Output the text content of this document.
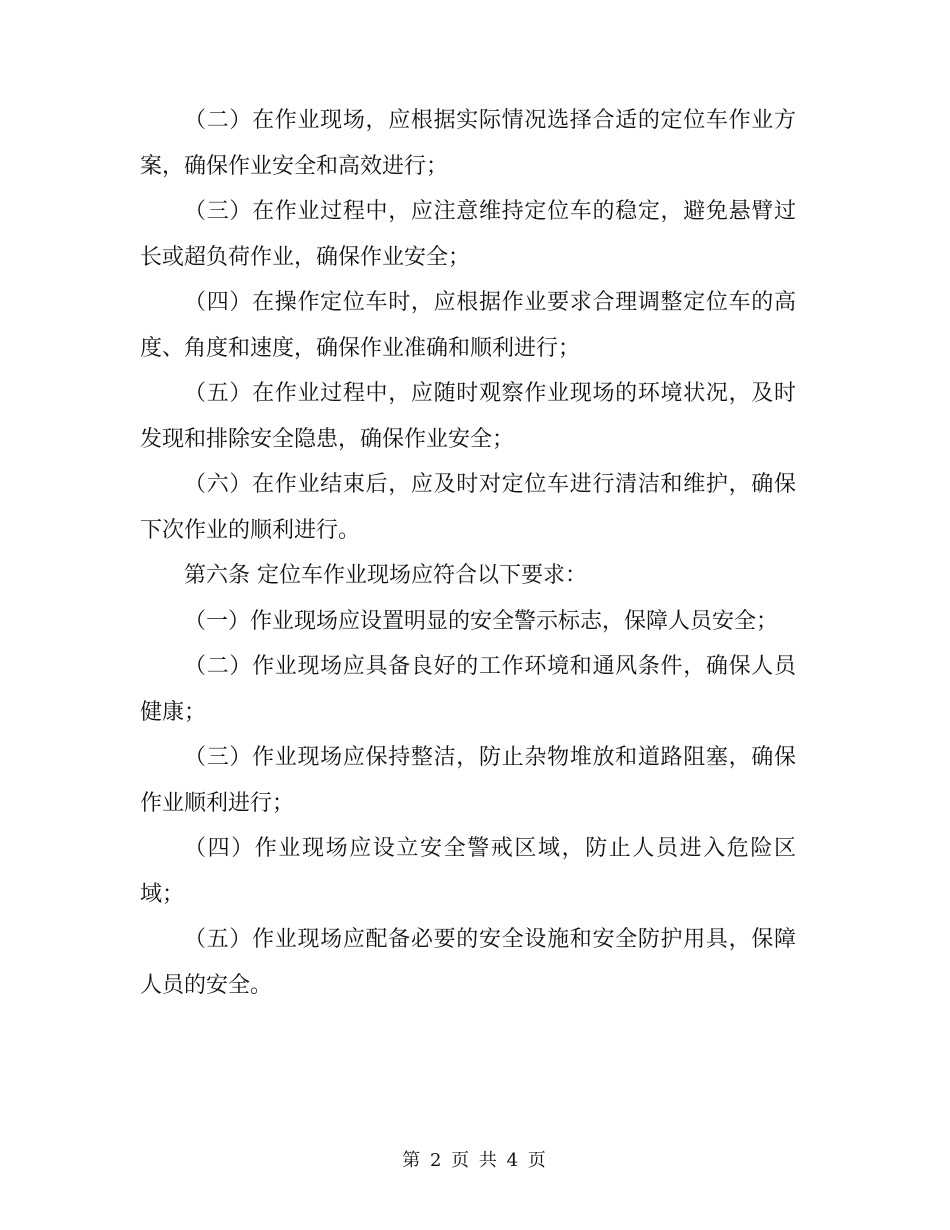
（二）在作业现场，应根据实际情况选择合适的定位车作业方案，确保作业安全和高效进行；

（三）在作业过程中，应注意维持定位车的稳定，避免悬臂过长或超负荷作业，确保作业安全；

（四）在操作定位车时，应根据作业要求合理调整定位车的高度、角度和速度，确保作业准确和顺利进行；

（五）在作业过程中，应随时观察作业现场的环境状况，及时发现和排除安全隐患，确保作业安全；

（六）在作业结束后，应及时对定位车进行清洁和维护，确保下次作业的顺利进行。

第六条 定位车作业现场应符合以下要求：

（一）作业现场应设置明显的安全警示标志，保障人员安全；

（二）作业现场应具备良好的工作环境和通风条件，确保人员健康；

（三）作业现场应保持整洁，防止杂物堆放和道路阻塞，确保作业顺利进行；

（四）作业现场应设立安全警戒区域，防止人员进入危险区域；

（五）作业现场应配备必要的安全设施和安全防护用具，保障人员的安全。

第 2 页 共 4 页
